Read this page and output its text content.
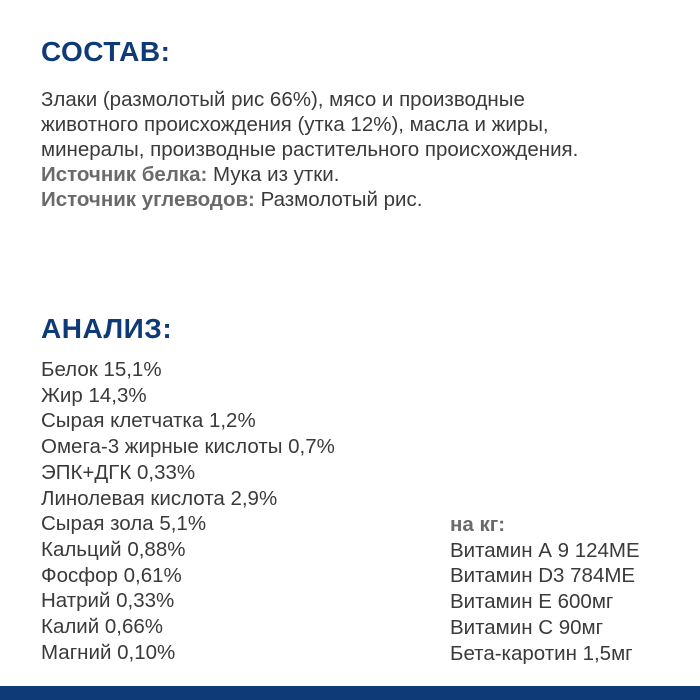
СОСТАВ:
Злаки (размолотый рис 66%), мясо и производные
животного происхождения (утка 12%), масла и жиры,
минералы, производные растительного происхождения.
Источник белка: Мука из утки.
Источник углеводов: Размолотый рис.
АНАЛИЗ:
Белок 15,1%
Жир 14,3%
Сырая клетчатка 1,2%
Омега-3 жирные кислоты 0,7%
ЭПК+ДГК 0,33%
Линолевая кислота 2,9%
Сырая зола 5,1%
Кальций 0,88%
Фосфор 0,61%
Натрий 0,33%
Калий 0,66%
Магний 0,10%
на кг:
Витамин А 9 124МЕ
Витамин D3 784МЕ
Витамин Е 600мг
Витамин С 90мг
Бета-каротин 1,5мг
